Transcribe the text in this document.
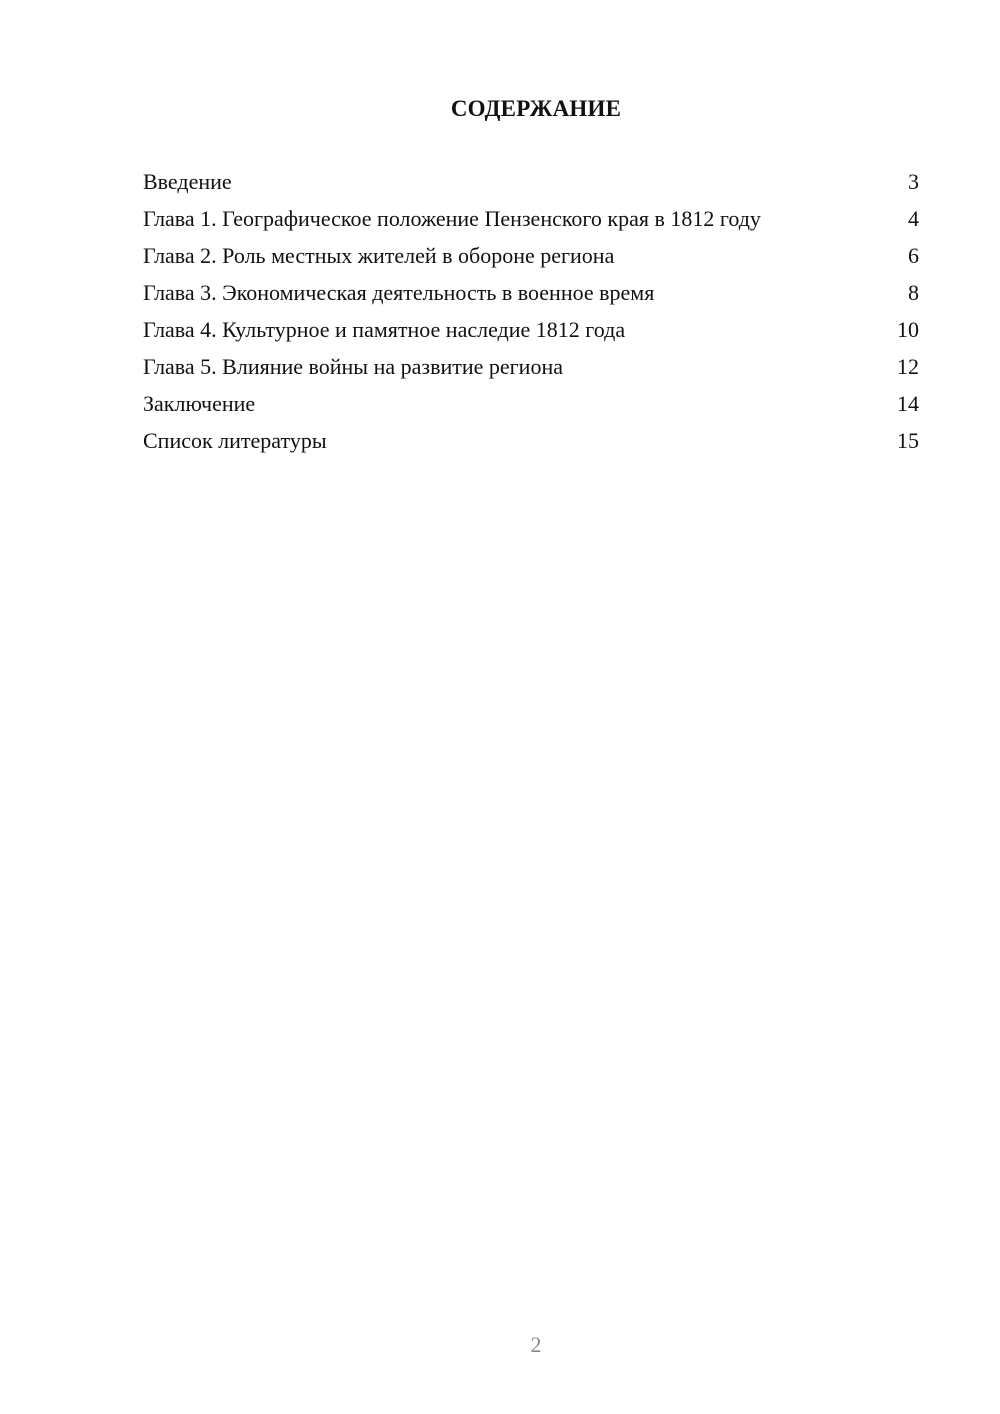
СОДЕРЖАНИЕ
Введение	3
Глава 1. Географическое положение Пензенского края в 1812 году	4
Глава 2. Роль местных жителей в обороне региона	6
Глава 3. Экономическая деятельность в военное время	8
Глава 4. Культурное и памятное наследие 1812 года	10
Глава 5. Влияние войны на развитие региона	12
Заключение	14
Список литературы	15
2
